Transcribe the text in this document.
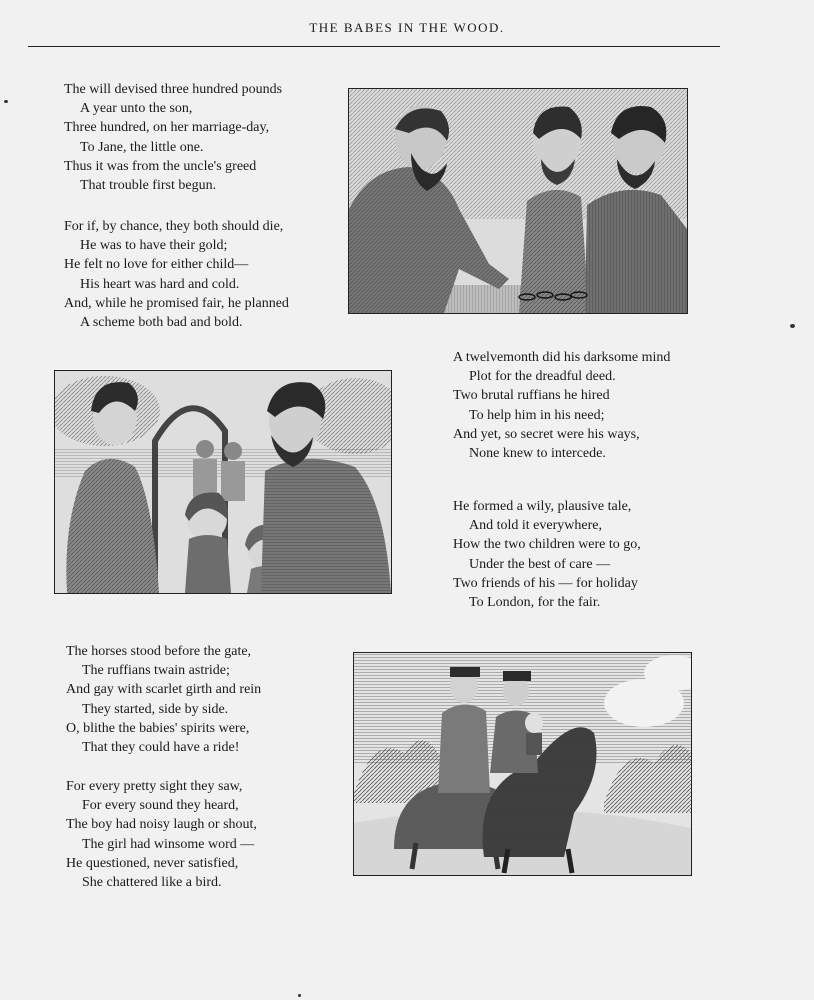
THE BABES IN THE WOOD.
The will devised three hundred pounds
A year unto the son,
Three hundred, on her marriage-day,
To Jane, the little one.
Thus it was from the uncle's greed
That trouble first begun.
For if, by chance, they both should die,
He was to have their gold;
He felt no love for either child—
His heart was hard and cold.
And, while he promised fair, he planned
A scheme both bad and bold.
A twelvemonth did his darksome mind
Plot for the dreadful deed.
Two brutal ruffians he hired
To help him in his need;
And yet, so secret were his ways,
None knew to intercede.
He formed a wily, plausive tale,
And told it everywhere,
How the two children were to go,
Under the best of care —
Two friends of his — for holiday
To London, for the fair.
The horses stood before the gate,
The ruffians twain astride;
And gay with scarlet girth and rein
They started, side by side.
O, blithe the babies' spirits were,
That they could have a ride!
For every pretty sight they saw,
For every sound they heard,
The boy had noisy laugh or shout,
The girl had winsome word —
He questioned, never satisfied,
She chattered like a bird.
